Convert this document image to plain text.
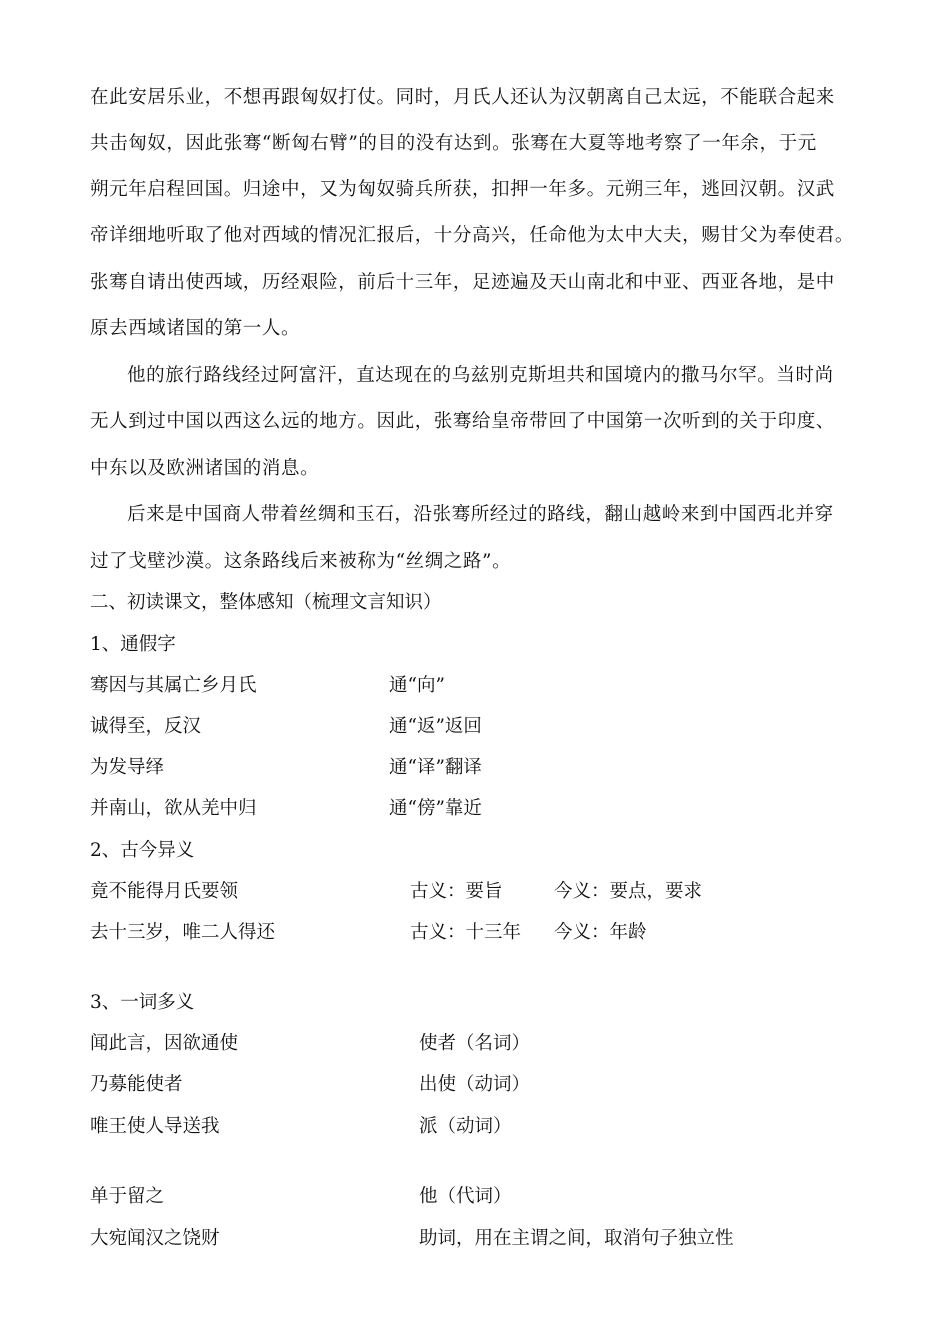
在此安居乐业，不想再跟匈奴打仗。同时，月氏人还认为汉朝离自己太远，不能联合起来
共击匈奴，因此张骞“断匈右臂”的目的没有达到。张骞在大夏等地考察了一年余，于元
朔元年启程回国。归途中，又为匈奴骑兵所获，扣押一年多。元朔三年，逃回汉朝。汉武
帝详细地听取了他对西域的情况汇报后，十分高兴，任命他为太中大夫，赐甘父为奉使君。
张骞自请出使西域，历经艰险，前后十三年，足迹遍及天山南北和中亚、西亚各地，是中
原去西域诸国的第一人。
他的旅行路线经过阿富汗，直达现在的乌兹别克斯坦共和国境内的撒马尔罕。当时尚
无人到过中国以西这么远的地方。因此，张骞给皇帝带回了中国第一次听到的关于印度、
中东以及欧洲诸国的消息。
后来是中国商人带着丝绸和玉石，沿张骞所经过的路线，翻山越岭来到中国西北并穿
过了戈壁沙漠。这条路线后来被称为“丝绸之路”。
二、初读课文，整体感知（梳理文言知识）
1、通假字
骞因与其属亡乡月氏	通“向”
诚得至，反汉	通“返”返回
为发导绎	通“译”翻译
并南山，欲从羌中归	通“傍”靠近
2、古今异义
竟不能得月氏要领	古义：要旨	今义：要点，要求
去十三岁，唯二人得还	古义：十三年 今义：年龄
3、一词多义
闻此言，因欲通使	使者（名词）
乃募能使者	出使（动词）
唯王使人导送我	派（动词）
单于留之	他（代词）
大宛闻汉之饶财	助词，用在主谓之间，取消句子独立性
